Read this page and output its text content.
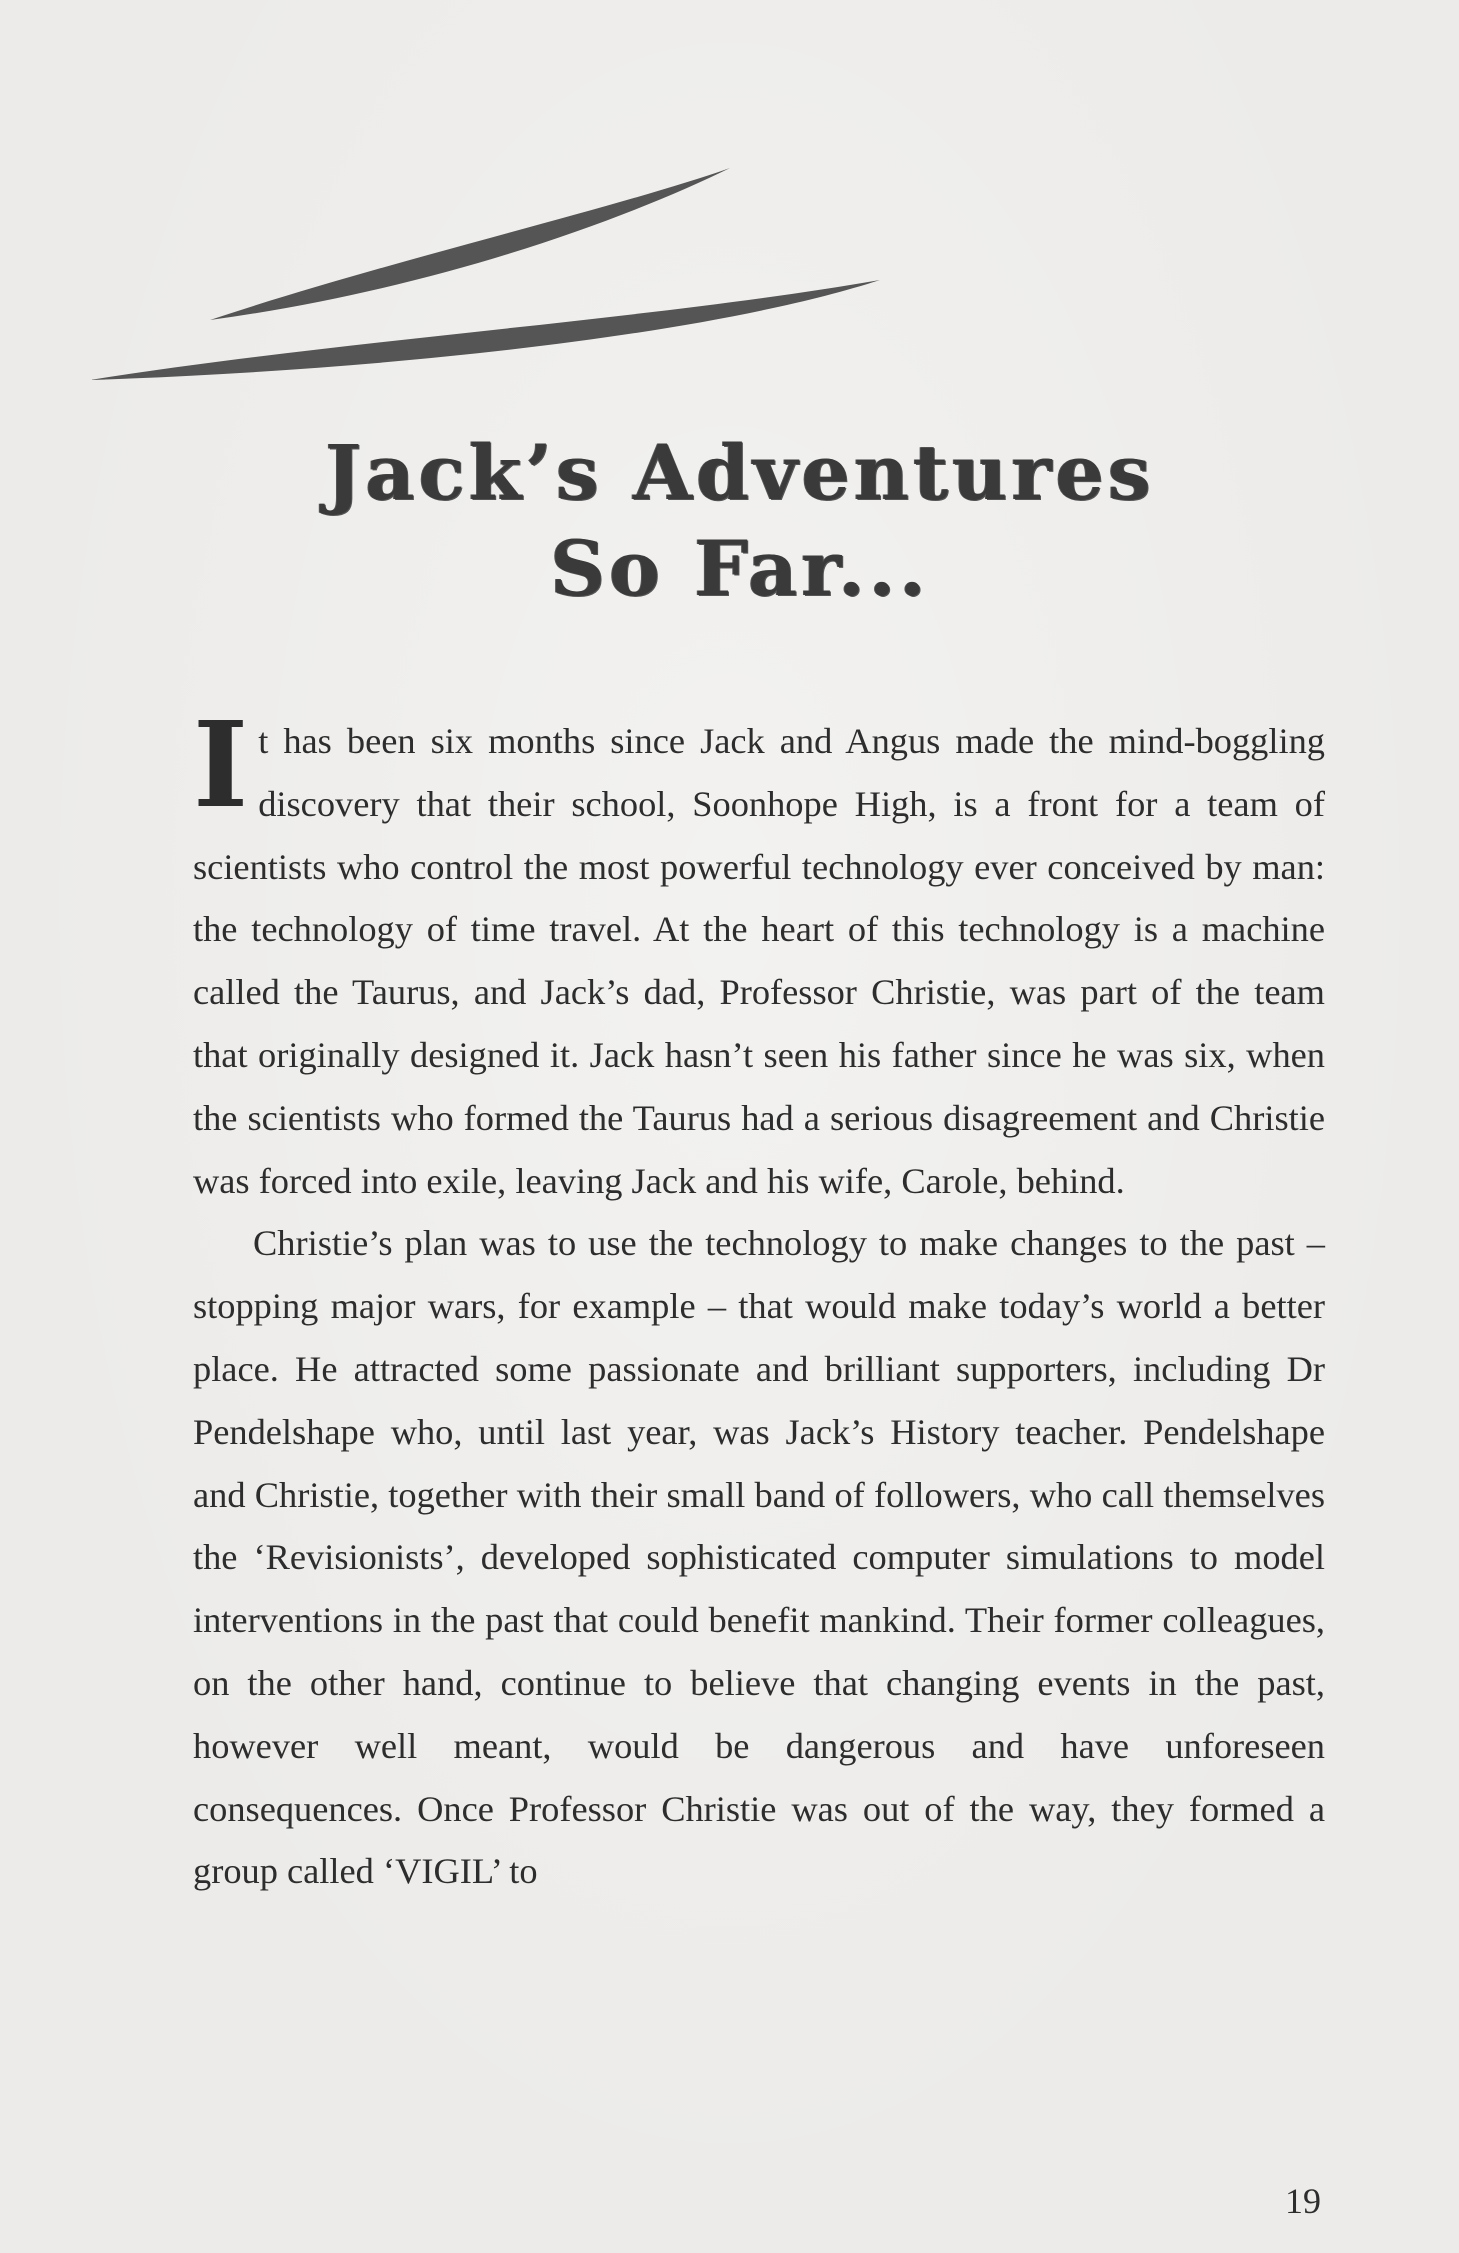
Jack’s Adventures
So Far...

It has been six months since Jack and Angus made the mind-boggling discovery that their school, Soonhope High, is a front for a team of scientists who control the most powerful technology ever conceived by man: the technology of time travel. At the heart of this technology is a machine called the Taurus, and Jack’s dad, Professor Christie, was part of the team that originally designed it. Jack hasn’t seen his father since he was six, when the scientists who formed the Taurus had a serious disagreement and Christie was forced into exile, leaving Jack and his wife, Carole, behind.

Christie’s plan was to use the technology to make changes to the past – stopping major wars, for example – that would make today’s world a better place. He attracted some passionate and brilliant supporters, including Dr Pendelshape who, until last year, was Jack’s History teacher. Pendelshape and Christie, together with their small band of followers, who call themselves the ‘Revisionists’, developed sophisticated computer simulations to model interventions in the past that could benefit mankind. Their former colleagues, on the other hand, continue to believe that changing events in the past, however well meant, would be dangerous and have unforeseen consequences. Once Professor Christie was out of the way, they formed a group called ‘VIGIL’ to

19
